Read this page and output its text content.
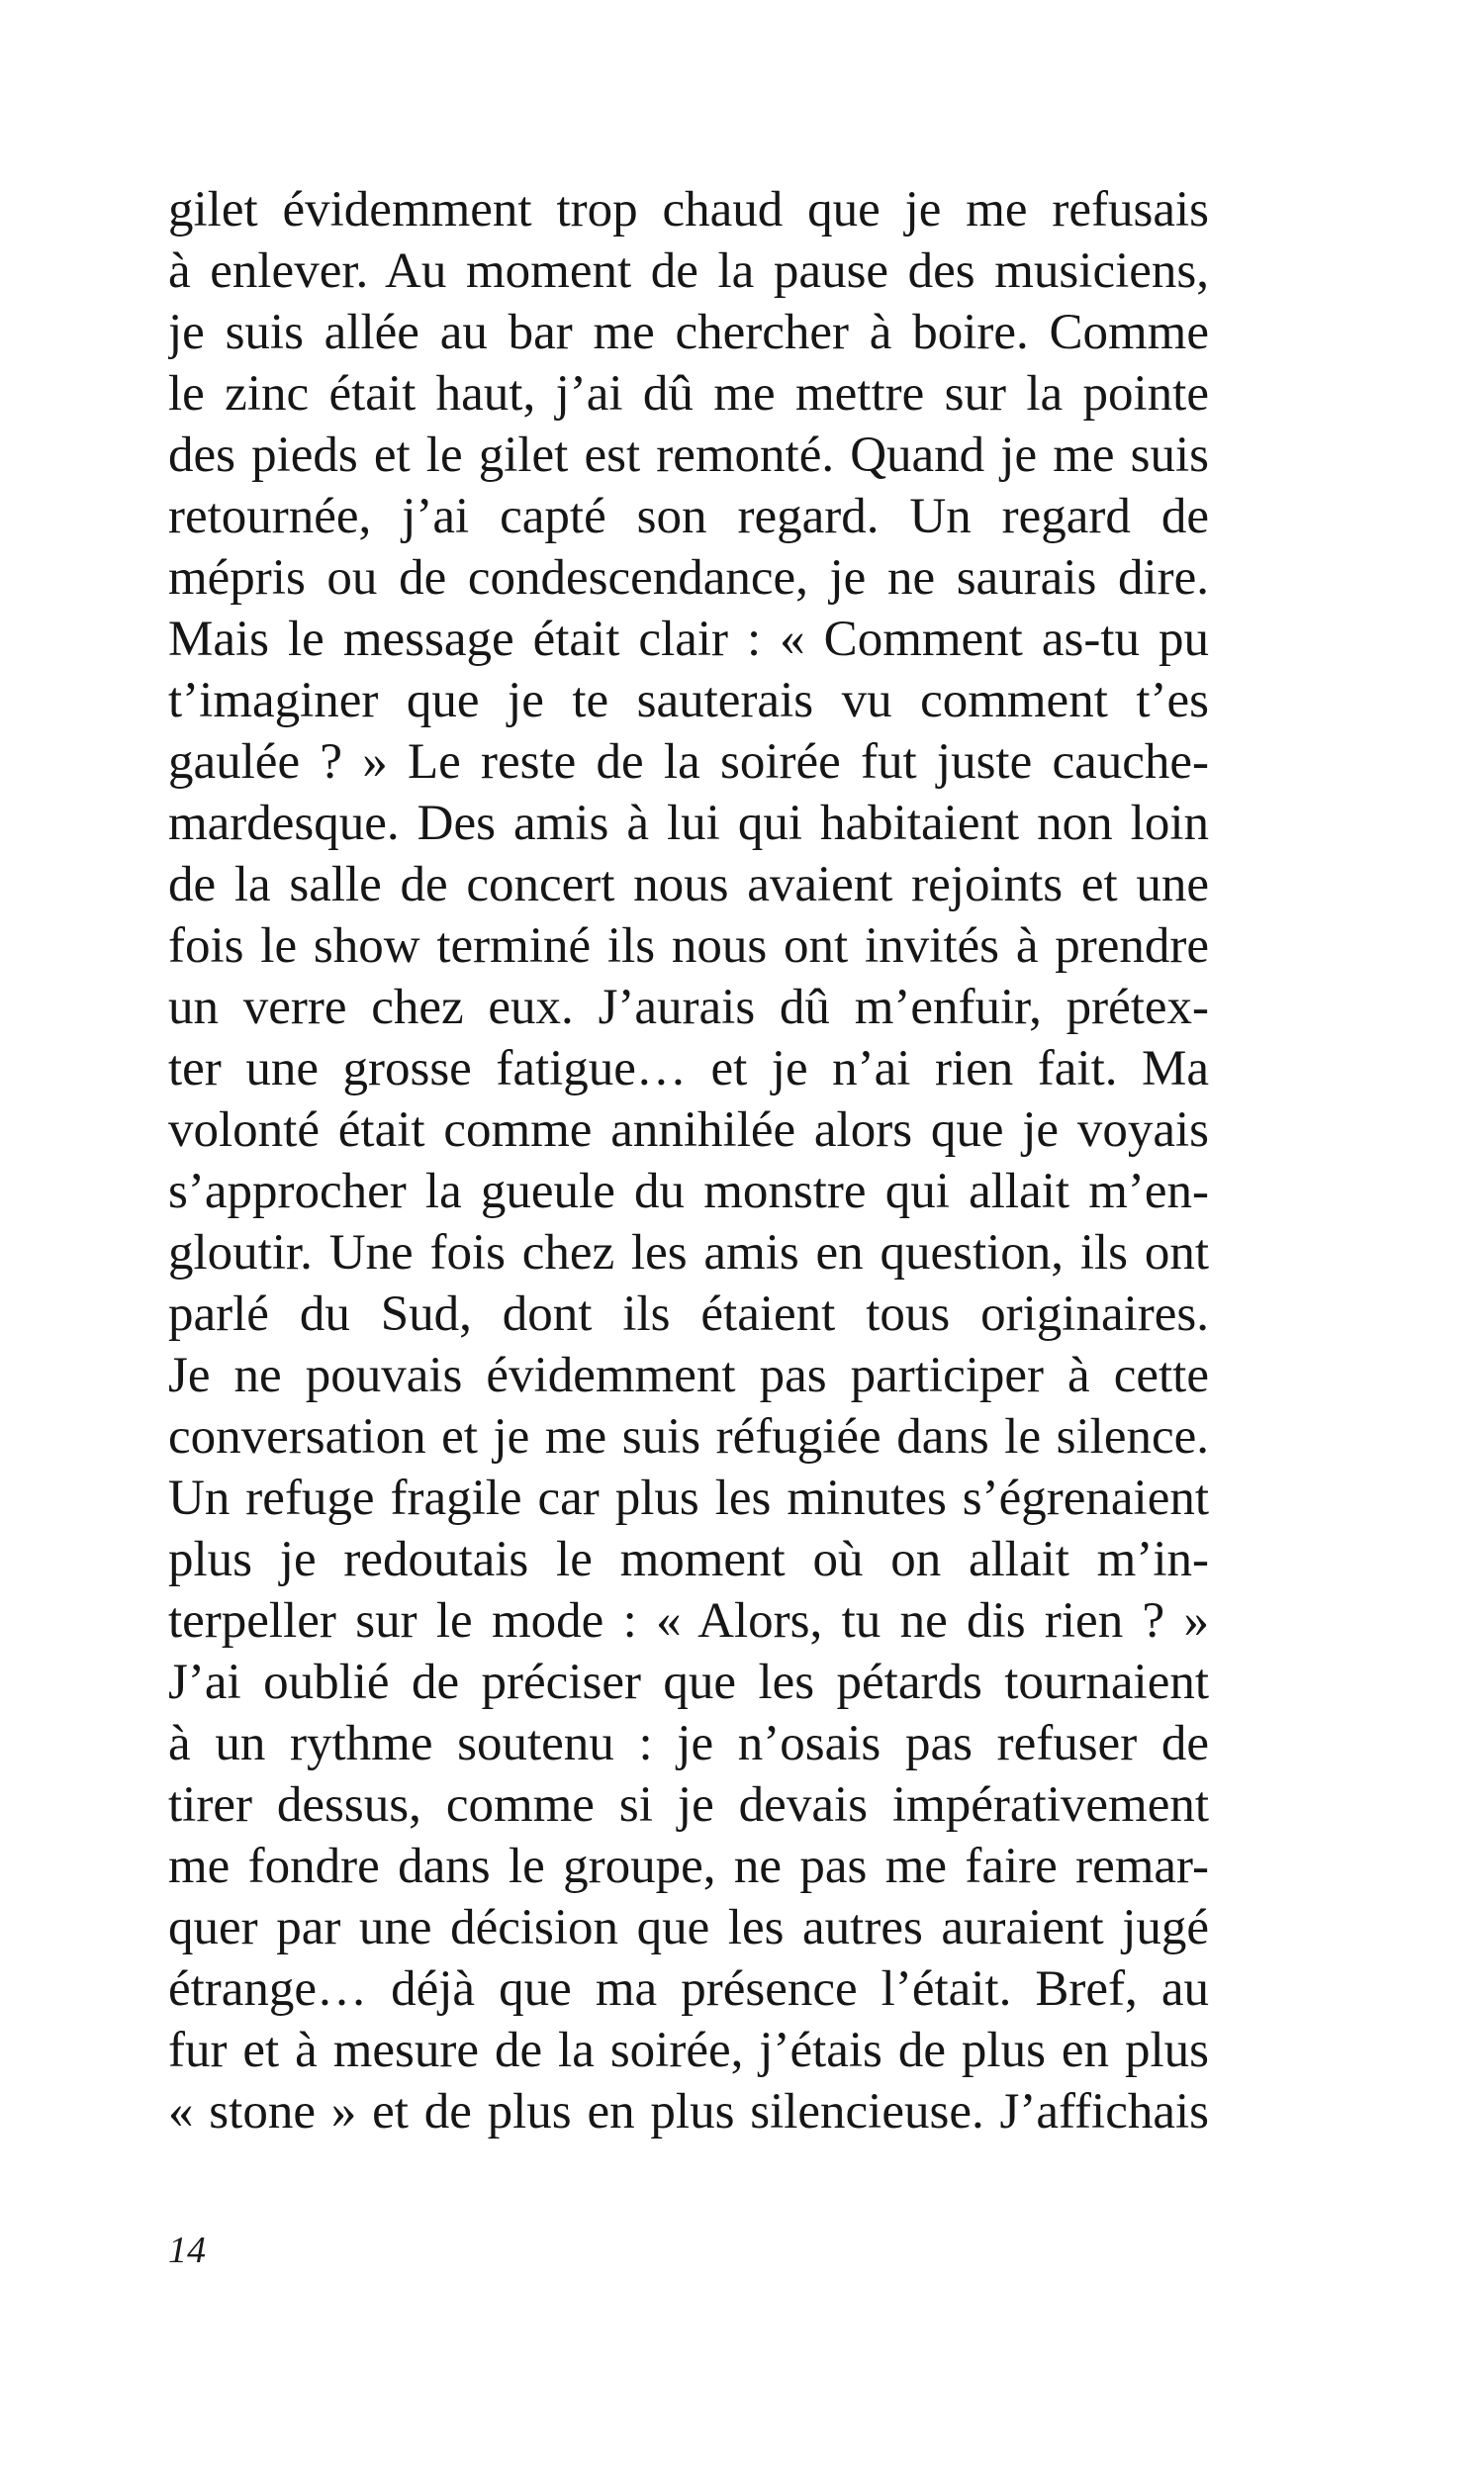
gilet évidemment trop chaud que je me refusais
à enlever. Au moment de la pause des musiciens,
je suis allée au bar me chercher à boire. Comme
le zinc était haut, j’ai dû me mettre sur la pointe
des pieds et le gilet est remonté. Quand je me suis
retournée, j’ai capté son regard. Un regard de
mépris ou de condescendance, je ne saurais dire.
Mais le message était clair : « Comment as-tu pu
t’imaginer que je te sauterais vu comment t’es
gaulée ? » Le reste de la soirée fut juste cauche-
mardesque. Des amis à lui qui habitaient non loin
de la salle de concert nous avaient rejoints et une
fois le show terminé ils nous ont invités à prendre
un verre chez eux. J’aurais dû m’enfuir, prétex-
ter une grosse fatigue… et je n’ai rien fait. Ma
volonté était comme annihilée alors que je voyais
s’approcher la gueule du monstre qui allait m’en-
gloutir. Une fois chez les amis en question, ils ont
parlé du Sud, dont ils étaient tous originaires.
Je ne pouvais évidemment pas participer à cette
conversation et je me suis réfugiée dans le silence.
Un refuge fragile car plus les minutes s’égrenaient
plus je redoutais le moment où on allait m’in-
terpeller sur le mode : « Alors, tu ne dis rien ? »
J’ai oublié de préciser que les pétards tournaient
à un rythme soutenu : je n’osais pas refuser de
tirer dessus, comme si je devais impérativement
me fondre dans le groupe, ne pas me faire remar-
quer par une décision que les autres auraient jugé
étrange… déjà que ma présence l’était. Bref, au
fur et à mesure de la soirée, j’étais de plus en plus
« stone » et de plus en plus silencieuse. J’affichais
14
